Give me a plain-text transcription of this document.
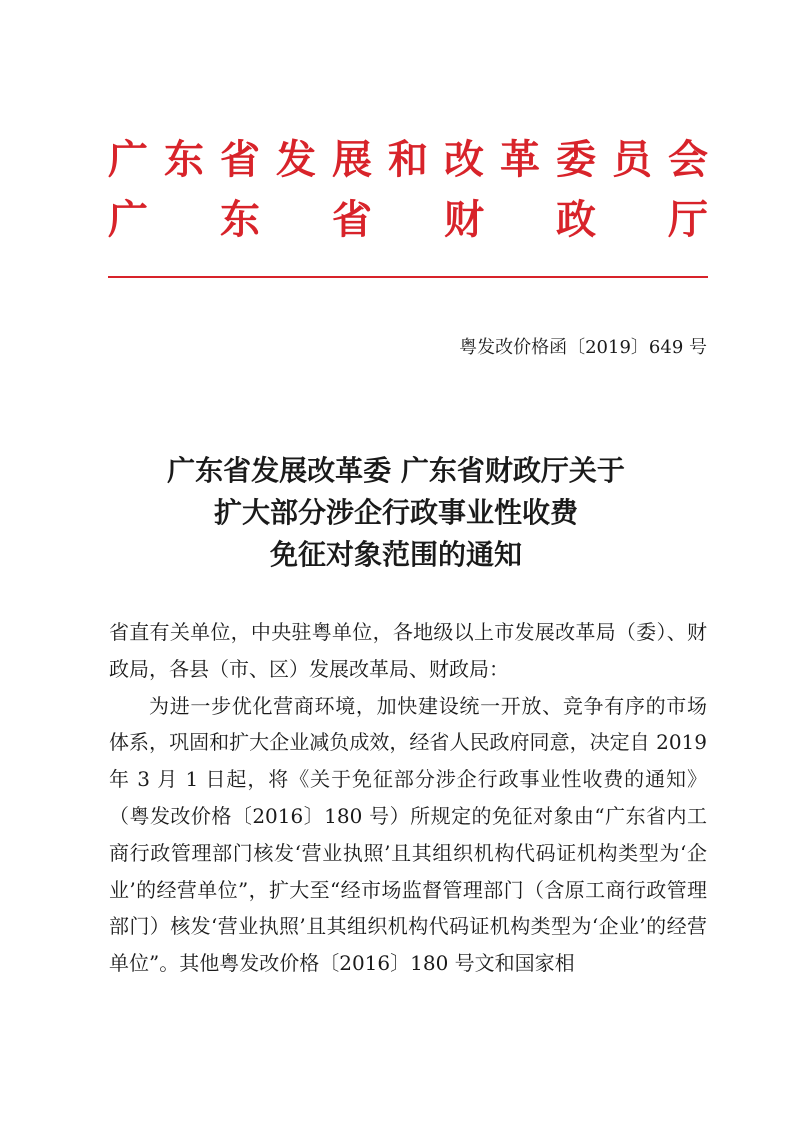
广 东 省 发 展 和 改 革 委 员 会
广 东 省 财 政 厅
粤发改价格函〔2019〕649 号
广东省发展改革委 广东省财政厅关于
扩大部分涉企行政事业性收费
免征对象范围的通知

省直有关单位，中央驻粤单位，各地级以上市发展改革局（委）、财政局，各县（市、区）发展改革局、财政局：

为进一步优化营商环境，加快建设统一开放、竞争有序的市场体系，巩固和扩大企业减负成效，经省人民政府同意，决定自 2019 年 3 月 1 日起，将《关于免征部分涉企行政事业性收费的通知》（粤发改价格〔2016〕180 号）所规定的免征对象由“广东省内工商行政管理部门核发‘营业执照’且其组织机构代码证机构类型为‘企业’的经营单位”，扩大至“经市场监督管理部门（含原工商行政管理部门）核发‘营业执照’且其组织机构代码证机构类型为‘企业’的经营单位”。其他粤发改价格〔2016〕180 号文和国家相
